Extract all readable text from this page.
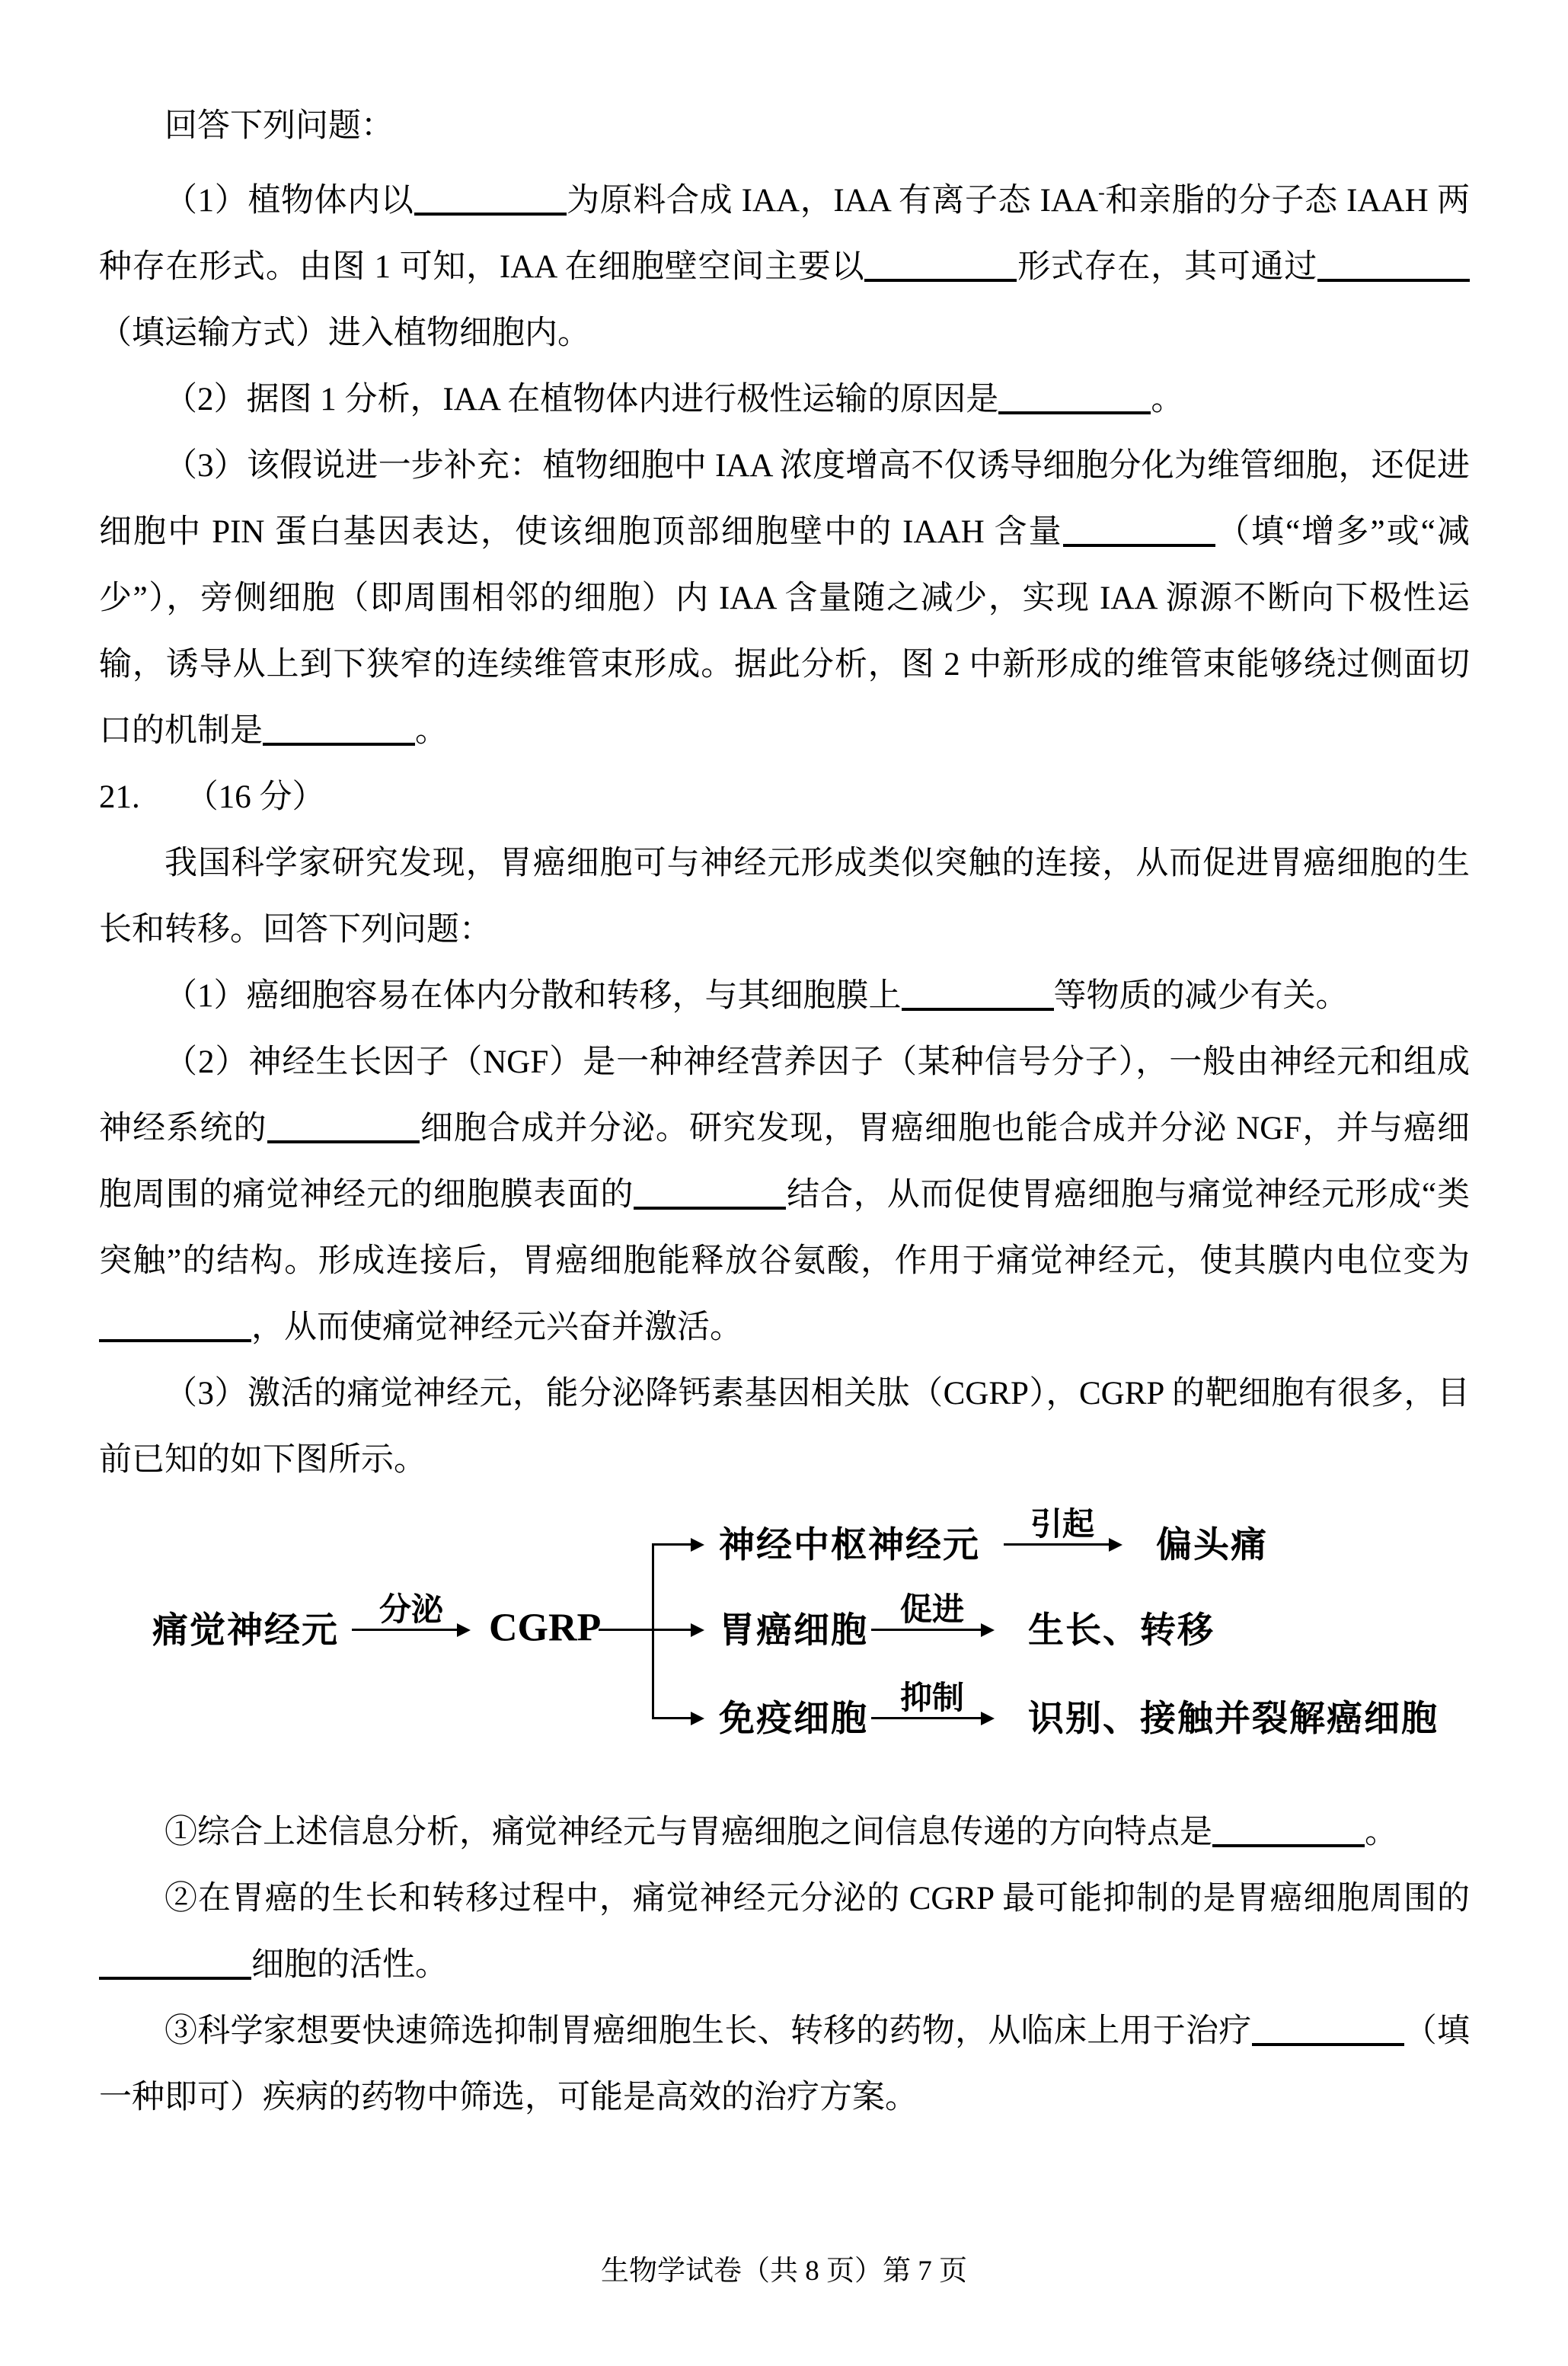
回答下列问题：

（1）植物体内以	为原料合成 IAA，IAA 有离子态 IAA-和亲脂的分子态 IAAH 两种存在形式。由图 1 可知，IAA 在细胞壁空间主要以	形式存在，其可通过（填运输方式）进入植物细胞内。

（2）据图 1 分析，IAA 在植物体内进行极性运输的原因是	。

（3）该假说进一步补充：植物细胞中 IAA 浓度增高不仅诱导细胞分化为维管细胞，还促进细胞中 PIN 蛋白基因表达，使该细胞顶部细胞壁中的 IAAH 含量	（填“增多”或“减少”），旁侧细胞（即周围相邻的细胞）内 IAA 含量随之减少，实现 IAA 源源不断向下极性运输，诱导从上到下狭窄的连续维管束形成。据此分析，图 2 中新形成的维管束能够绕过侧面切口的机制是	。

21. （16 分）

我国科学家研究发现，胃癌细胞可与神经元形成类似突触的连接，从而促进胃癌细胞的生长和转移。回答下列问题：

（1）癌细胞容易在体内分散和转移，与其细胞膜上	等物质的减少有关。

（2）神经生长因子（NGF）是一种神经营养因子（某种信号分子），一般由神经元和组成神经系统的	细胞合成并分泌。研究发现，胃癌细胞也能合成并分泌 NGF，并与癌细胞周围的痛觉神经元的细胞膜表面的	结合，从而促使胃癌细胞与痛觉神经元形成“类突触”的结构。形成连接后，胃癌细胞能释放谷氨酸，作用于痛觉神经元，使其膜内电位变为，从而使痛觉神经元兴奋并激活。

（3）激活的痛觉神经元，能分泌降钙素基因相关肽（CGRP），CGRP 的靶细胞有很多，目前已知的如下图所示。

痛觉神经元
分泌 CGRP
神经中枢神经元
引起
偏头痛
胃癌细胞
促进
生长、转移
免疫细胞
抑制
识别、接触并裂解癌细胞

①综合上述信息分析，痛觉神经元与胃癌细胞之间信息传递的方向特点是	。

②在胃癌的生长和转移过程中，痛觉神经元分泌的 CGRP 最可能抑制的是胃癌细胞周围的细胞的活性。

③科学家想要快速筛选抑制胃癌细胞生长、转移的药物，从临床上用于治疗	（填一种即可）疾病的药物中筛选，可能是高效的治疗方案。

生物学试卷（共 8 页）第 7 页
